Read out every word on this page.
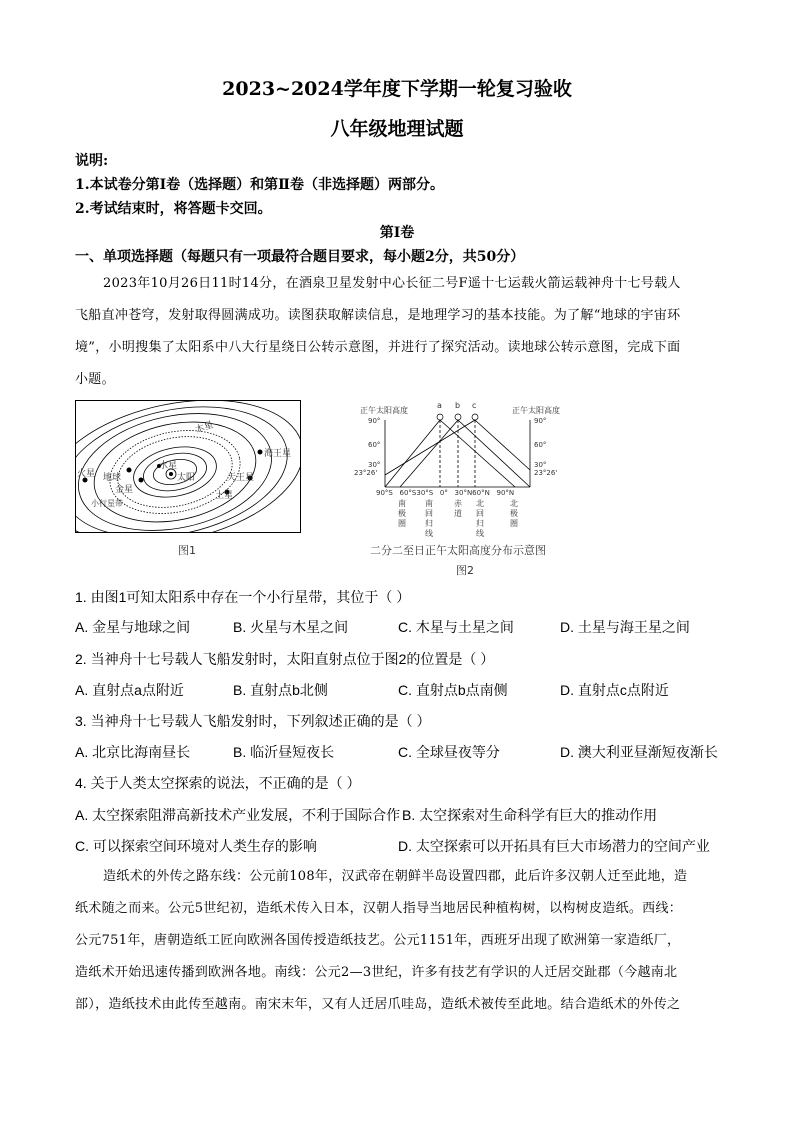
2023~2024学年度下学期一轮复习验收
八年级地理试题
说明:
1.本试卷分第Ⅰ卷（选择题）和第Ⅱ卷（非选择题）两部分。
2.考试结束时，将答题卡交回。
第Ⅰ卷
一、单项选择题（每题只有一项最符合题目要求，每小题2分，共50分）
2023年10月26日11时14分，在酒泉卫星发射中心长征二号F遥十七运载火箭运载神舟十七号载人
飞船直冲苍穹，发射取得圆满成功。读图获取解读信息，是地理学习的基本技能。为了解“地球的宇宙环
境”，小明搜集了太阳系中八大行星绕日公转示意图，并进行了探究活动。读地球公转示意图，完成下面
小题。
海王星
天王星
土星
木星
火星 地球
金星
水星
太阳
小行星带
图1
正午太阳高度	正午太阳高度
a b c
90°
60°
30°
23°26'
90°
60°
30°
23°26'
90°S   60°S30°S   0°   30°N60°N   90°N
南极圈
南回归线
赤道
北回归线
北极圈
二分二至日正午太阳高度分布示意图
图2
1. 由图1可知太阳系中存在一个小行星带，其位于（ ）
A. 金星与地球之间	B. 火星与木星之间	C. 木星与土星之间	D. 土星与海王星之间
2. 当神舟十七号载人飞船发射时，太阳直射点位于图2的位置是（ ）
A. 直射点a点附近	B. 直射点b北侧	C. 直射点b点南侧	D. 直射点c点附近
3. 当神舟十七号载人飞船发射时，下列叙述正确的是（ ）
A. 北京比海南昼长	B. 临沂昼短夜长	C. 全球昼夜等分	D. 澳大利亚昼渐短夜渐长
4. 关于人类太空探索的说法，不正确的是（ ）
A. 太空探索阻滞高新技术产业发展，不利于国际合作 B. 太空探索对生命科学有巨大的推动作用
C. 可以探索空间环境对人类生存的影响	D. 太空探索可以开拓具有巨大市场潜力的空间产业
造纸术的外传之路东线：公元前108年，汉武帝在朝鲜半岛设置四郡，此后许多汉朝人迁至此地，造
纸术随之而来。公元5世纪初，造纸术传入日本，汉朝人指导当地居民种植构树，以构树皮造纸。西线：
公元751年，唐朝造纸工匠向欧洲各国传授造纸技艺。公元1151年，西班牙出现了欧洲第一家造纸厂，
造纸术开始迅速传播到欧洲各地。南线：公元2—3世纪，许多有技艺有学识的人迁居交趾郡（今越南北
部），造纸技术由此传至越南。南宋末年，又有人迁居爪哇岛，造纸术被传至此地。结合造纸术的外传之
